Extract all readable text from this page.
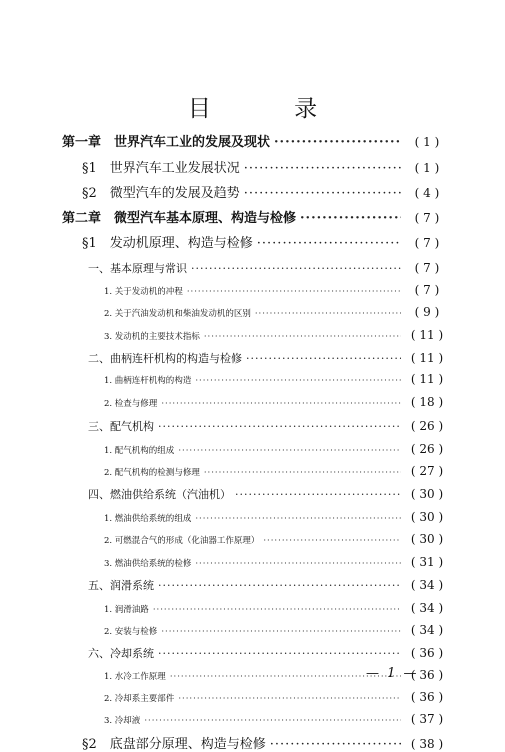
目 录
第一章　世界汽车工业的发展及现状 ·····	( 1 )
§1　世界汽车工业发展状况 ·····	( 1 )
§2　微型汽车的发展及趋势 ·····	( 4 )
第二章　微型汽车基本原理、构造与检修 ·····	( 7 )
§1　发动机原理、构造与检修 ·····	( 7 )
一、基本原理与常识 ·····	( 7 )
1. 关于发动机的冲程 ·····	( 7 )
2. 关于汽油发动机和柴油发动机的区别 ·····	( 9 )
3. 发动机的主要技术指标 ·····	( 11 )
二、曲柄连杆机构的构造与检修 ·····	( 11 )
1. 曲柄连杆机构的构造 ·····	( 11 )
2. 检查与修理 ·····	( 18 )
三、配气机构 ·····	( 26 )
1. 配气机构的组成 ·····	( 26 )
2. 配气机构的检测与修理 ·····	( 27 )
四、燃油供给系统（汽油机） ·····	( 30 )
1. 燃油供给系统的组成 ·····	( 30 )
2. 可燃混合气的形成（化油器工作原理） ·····	( 30 )
3. 燃油供给系统的检修 ·····	( 31 )
五、润滑系统 ·····	( 34 )
1. 润滑油路 ·····	( 34 )
2. 安装与检修 ·····	( 34 )
六、冷却系统 ·····	( 36 )
1. 水冷工作原理 ·····	( 36 )
2. 冷却系主要部件 ·····	( 36 )
3. 冷却液 ·····	( 37 )
§2　底盘部分原理、构造与检修 ·····	( 38 )
— 1 —
